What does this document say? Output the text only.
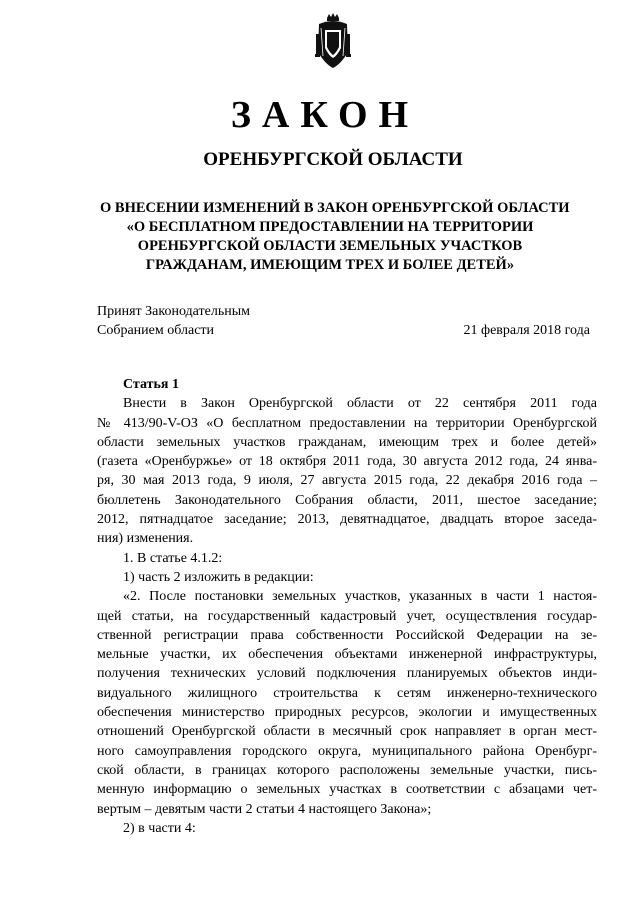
ЗАКОН
ОРЕНБУРГСКОЙ ОБЛАСТИ
О ВНЕСЕНИИ ИЗМЕНЕНИЙ В ЗАКОН ОРЕНБУРГСКОЙ ОБЛАСТИ
«О БЕСПЛАТНОМ ПРЕДОСТАВЛЕНИИ НА ТЕРРИТОРИИ
ОРЕНБУРГСКОЙ ОБЛАСТИ ЗЕМЕЛЬНЫХ УЧАСТКОВ
ГРАЖДАНАМ, ИМЕЮЩИМ ТРЕХ И БОЛЕЕ ДЕТЕЙ»
Принят Законодательным
Собранием области	21 февраля 2018 года
Статья 1
Внести в Закон Оренбургской области от 22 сентября 2011 года
№ 413/90-V-ОЗ «О бесплатном предоставлении на территории Оренбургской
области земельных участков гражданам, имеющим трех и более детей»
(газета «Оренбуржье» от 18 октября 2011 года, 30 августа 2012 года, 24 янва-
ря, 30 мая 2013 года, 9 июля, 27 августа 2015 года, 22 декабря 2016 года –
бюллетень Законодательного Собрания области, 2011, шестое заседание;
2012, пятнадцатое заседание; 2013, девятнадцатое, двадцать второе заседа-
ния) изменения.
1. В статье 4.1.2:
1) часть 2 изложить в редакции:
«2. После постановки земельных участков, указанных в части 1 настоя-
щей статьи, на государственный кадастровый учет, осуществления государ-
ственной регистрации права собственности Российской Федерации на зе-
мельные участки, их обеспечения объектами инженерной инфраструктуры,
получения технических условий подключения планируемых объектов инди-
видуального жилищного строительства к сетям инженерно-технического
обеспечения министерство природных ресурсов, экологии и имущественных
отношений Оренбургской области в месячный срок направляет в орган мест-
ного самоуправления городского округа, муниципального района Оренбург-
ской области, в границах которого расположены земельные участки, пись-
менную информацию о земельных участках в соответствии с абзацами чет-
вертым – девятым части 2 статьи 4 настоящего Закона»;
2) в части 4:
